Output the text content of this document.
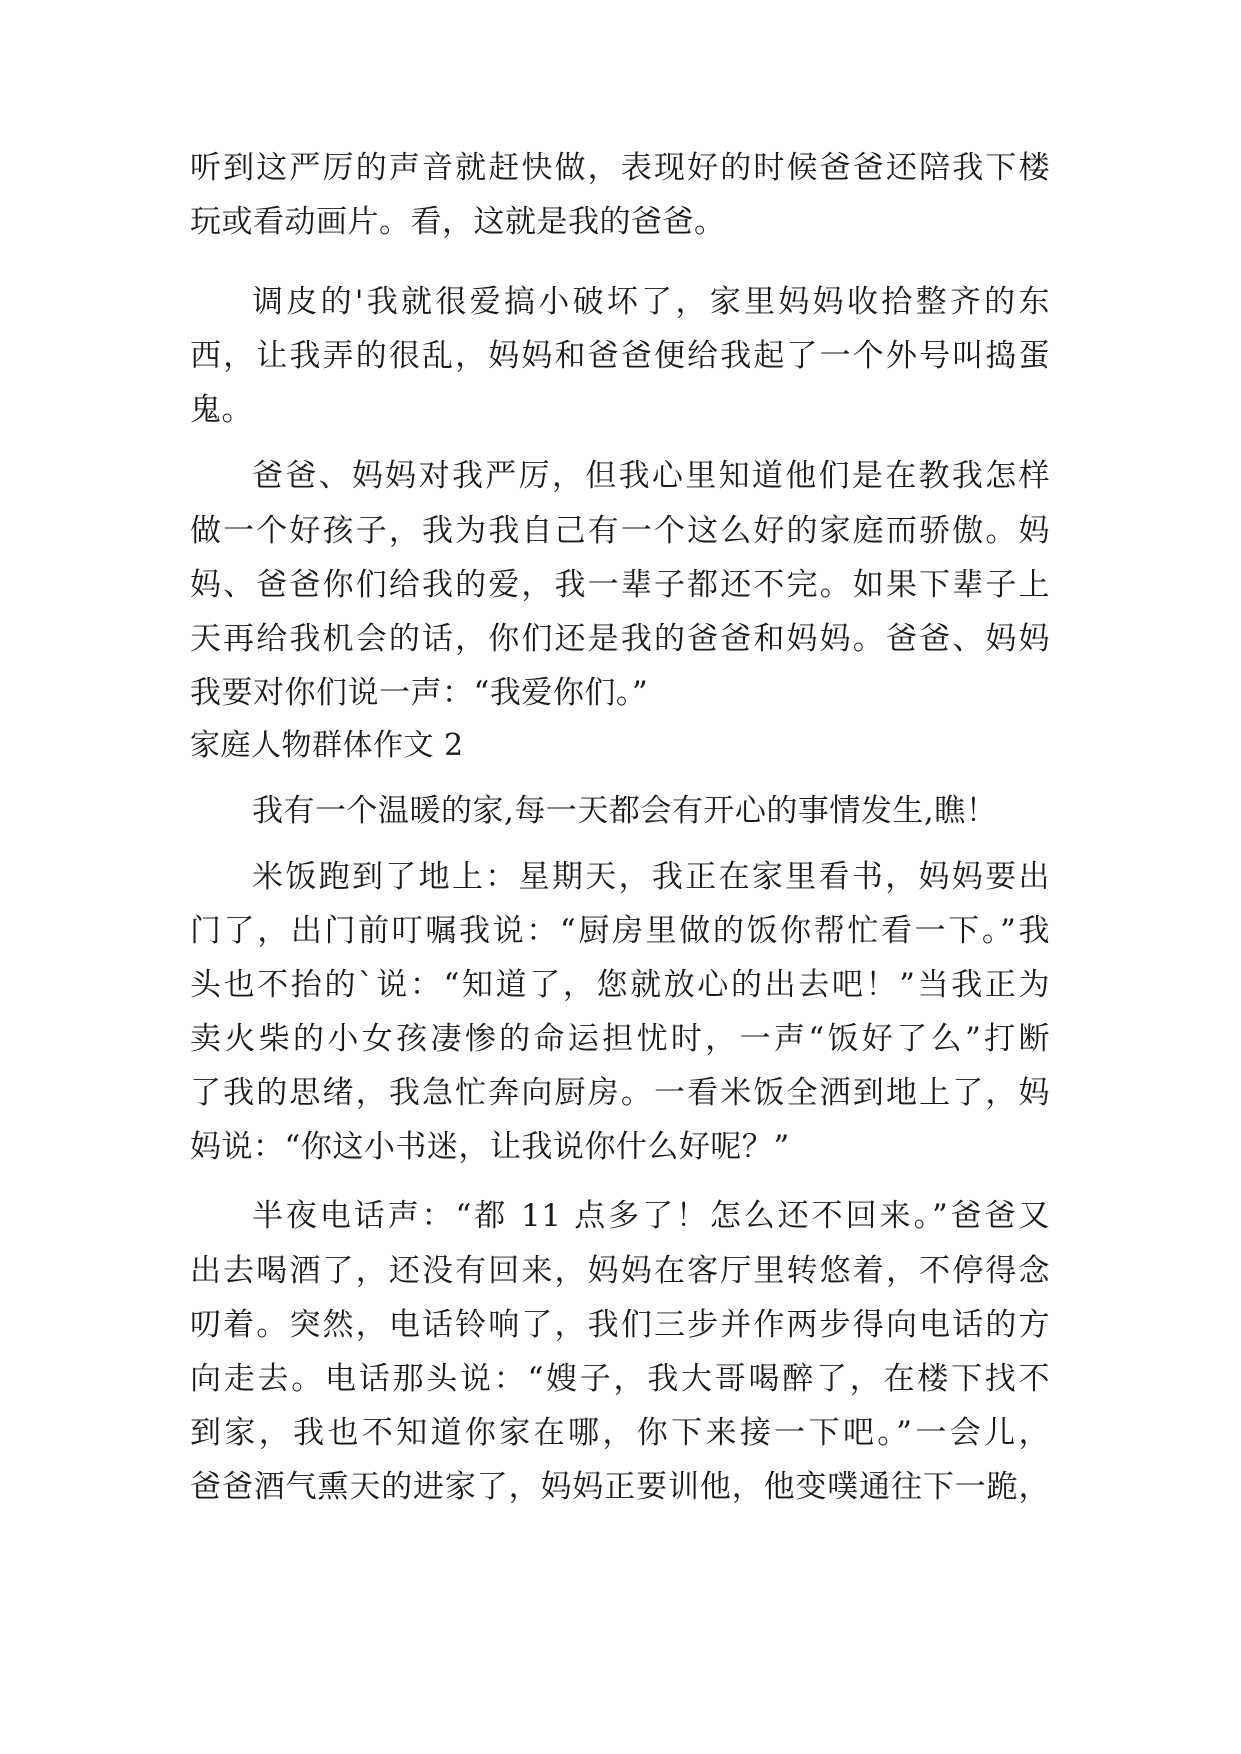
听到这严厉的声音就赶快做，表现好的时候爸爸还陪我下楼
玩或看动画片。看，这就是我的爸爸。
调皮的'我就很爱搞小破坏了，家里妈妈收拾整齐的东
西，让我弄的很乱，妈妈和爸爸便给我起了一个外号叫捣蛋
鬼。
爸爸、妈妈对我严厉，但我心里知道他们是在教我怎样
做一个好孩子，我为我自己有一个这么好的家庭而骄傲。妈
妈、爸爸你们给我的爱，我一辈子都还不完。如果下辈子上
天再给我机会的话，你们还是我的爸爸和妈妈。爸爸、妈妈
我要对你们说一声：“我爱你们。”
家庭人物群体作文 2
我有一个温暖的家,每一天都会有开心的事情发生,瞧！
米饭跑到了地上：星期天，我正在家里看书，妈妈要出
门了，出门前叮嘱我说：“厨房里做的饭你帮忙看一下。”我
头也不抬的`说：“知道了，您就放心的出去吧！”当我正为
卖火柴的小女孩凄惨的命运担忧时，一声“饭好了么”打断
了我的思绪，我急忙奔向厨房。一看米饭全洒到地上了，妈
妈说：“你这小书迷，让我说你什么好呢？”
半夜电话声：“都 11 点多了！怎么还不回来。”爸爸又
出去喝酒了，还没有回来，妈妈在客厅里转悠着，不停得念
叨着。突然，电话铃响了，我们三步并作两步得向电话的方
向走去。电话那头说：“嫂子，我大哥喝醉了，在楼下找不
到家，我也不知道你家在哪，你下来接一下吧。”一会儿，
爸爸酒气熏天的进家了，妈妈正要训他，他变噗通往下一跪，
